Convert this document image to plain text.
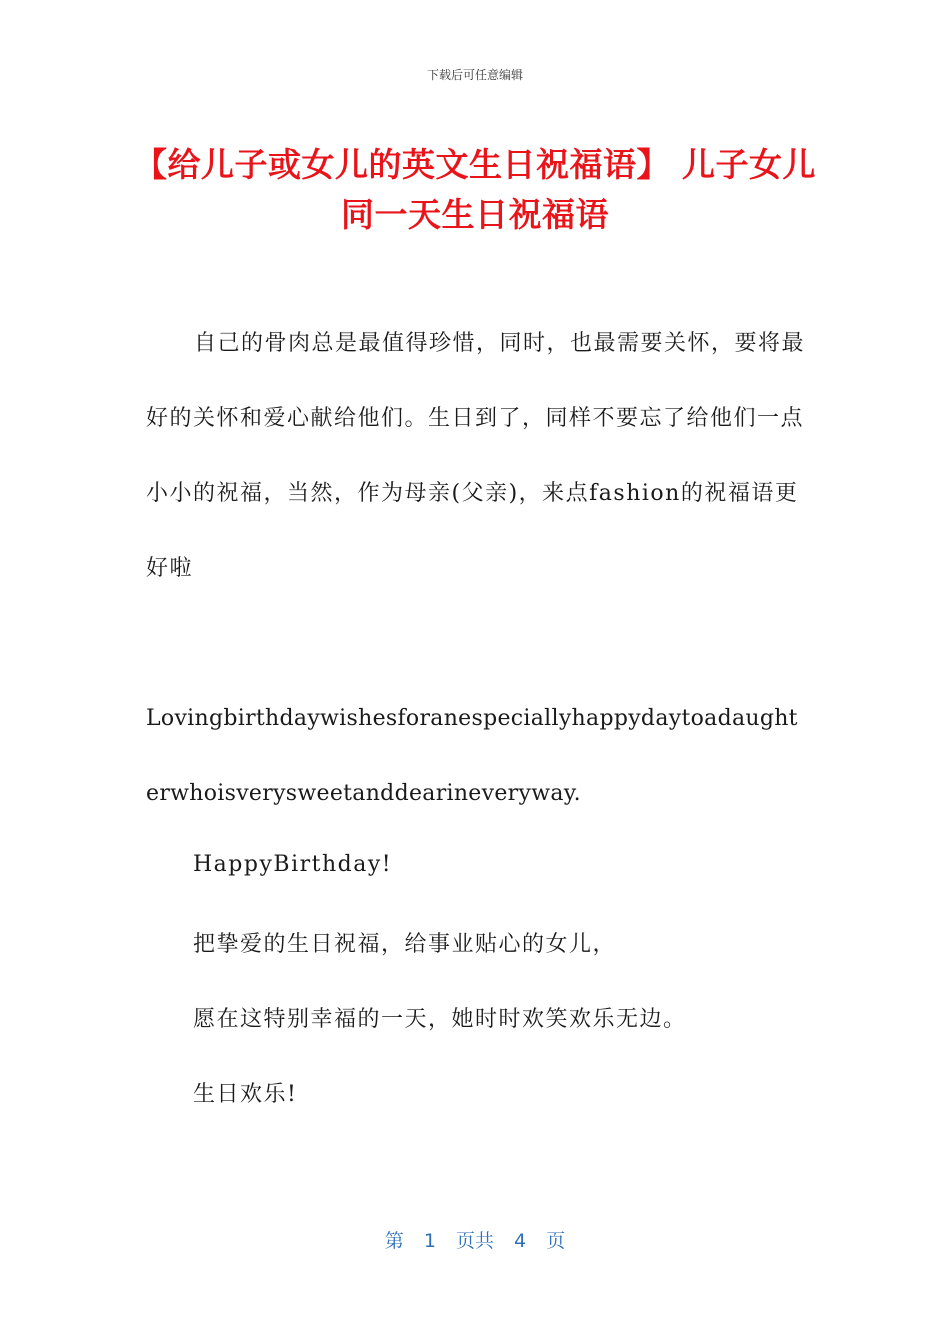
下载后可任意编辑
【给儿子或女儿的英文生日祝福语】 儿子女儿同一天生日祝福语
自己的骨肉总是最值得珍惜，同时，也最需要关怀，要将最好的关怀和爱心献给他们。生日到了，同样不要忘了给他们一点小小的祝福，当然，作为母亲(父亲)，来点fashion的祝福语更好啦
Lovingbirthdaywishesforanespeciallyhappydaytoadaughterwhoisverysweetanddearineveryway.
HappyBirthday!
把挚爱的生日祝福，给事业贴心的女儿，
愿在这特别幸福的一天，她时时欢笑欢乐无边。
生日欢乐!
第 1 页共 4 页
